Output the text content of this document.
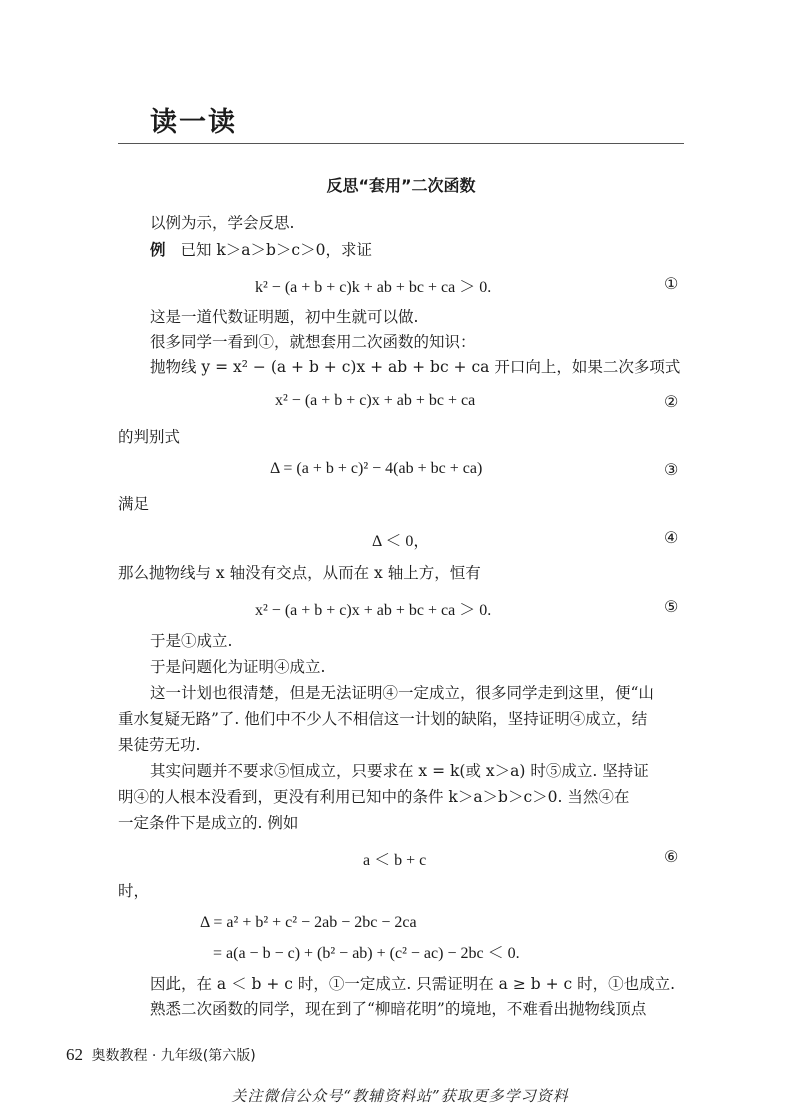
读一读
反思“套用”二次函数
以例为示，学会反思.
例 已知 k＞a＞b＞c＞0，求证
k² − (a + b + c)k + ab + bc + ca ＞ 0.	①
这是一道代数证明题，初中生就可以做.
很多同学一看到①，就想套用二次函数的知识：
抛物线 y = x² − (a + b + c)x + ab + bc + ca 开口向上，如果二次多项式
x² − (a + b + c)x + ab + bc + ca	②
的判别式
Δ = (a + b + c)² − 4(ab + bc + ca)	③
满足
Δ ＜ 0，	④
那么抛物线与 x 轴没有交点，从而在 x 轴上方，恒有
x² − (a + b + c)x + ab + bc + ca ＞ 0.	⑤
于是①成立.
于是问题化为证明④成立.
这一计划也很清楚，但是无法证明④一定成立，很多同学走到这里，便“山
重水复疑无路”了. 他们中不少人不相信这一计划的缺陷，坚持证明④成立，结
果徒劳无功.
其实问题并不要求⑤恒成立，只要求在 x = k(或 x＞a) 时⑤成立. 坚持证
明④的人根本没看到，更没有利用已知中的条件 k＞a＞b＞c＞0. 当然④在
一定条件下是成立的. 例如
a ＜ b + c	⑥
时，
Δ = a² + b² + c² − 2ab − 2bc − 2ca
= a(a − b − c) + (b² − ab) + (c² − ac) − 2bc ＜ 0.
因此，在 a ＜ b + c 时，①一定成立. 只需证明在 a ≥ b + c 时，①也成立.
熟悉二次函数的同学，现在到了“柳暗花明”的境地，不难看出抛物线顶点
62 奥数教程 · 九年级(第六版)
关注微信公众号“教辅资料站”获取更多学习资料
